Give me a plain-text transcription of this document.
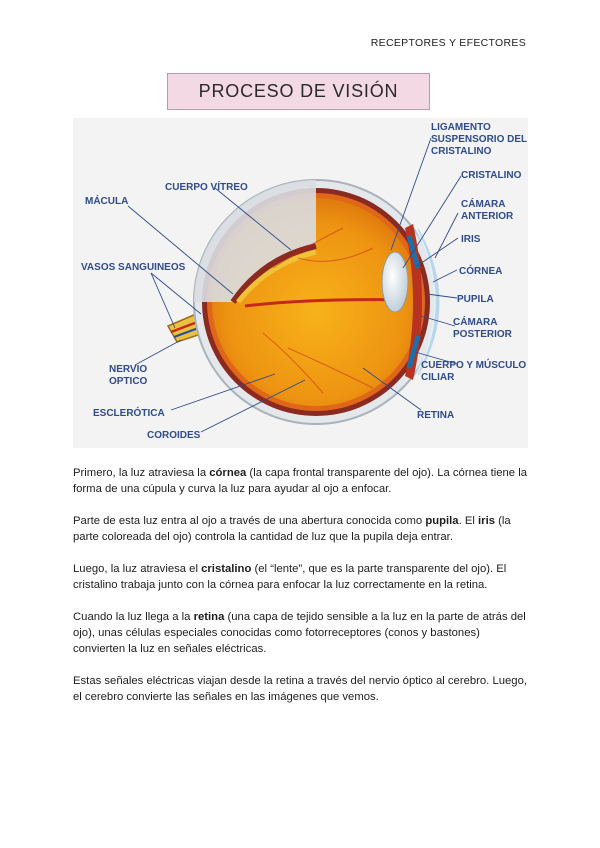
RECEPTORES Y EFECTORES
PROCESO DE VISIÓN
LIGAMENTO
SUSPENSORIO DEL
CRISTALINO
CRISTALINO
CÁMARA
ANTERIOR
IRIS
CÓRNEA
PUPILA
CÁMARA
POSTERIOR
CUERPO Y MÚSCULO
CILIAR
RETINA
MÁCULA
CUERPO VÍTREO
VASOS SANGUINEOS
NERVIO
OPTICO
ESCLERÓTICA
COROIDES

Primero, la luz atraviesa la córnea (la capa frontal transparente del ojo). La córnea tiene la forma de una cúpula y curva la luz para ayudar al ojo a enfocar.

Parte de esta luz entra al ojo a través de una abertura conocida como pupila. El iris (la parte coloreada del ojo) controla la cantidad de luz que la pupila deja entrar.

Luego, la luz atraviesa el cristalino (el “lente”, que es la parte transparente del ojo). El cristalino trabaja junto con la córnea para enfocar la luz correctamente en la retina.

Cuando la luz llega a la retina (una capa de tejido sensible a la luz en la parte de atrás del ojo), unas células especiales conocidas como fotorreceptores (conos y bastones) convierten la luz en señales eléctricas.

Estas señales eléctricas viajan desde la retina a través del nervio óptico al cerebro. Luego, el cerebro convierte las señales en las imágenes que vemos.
